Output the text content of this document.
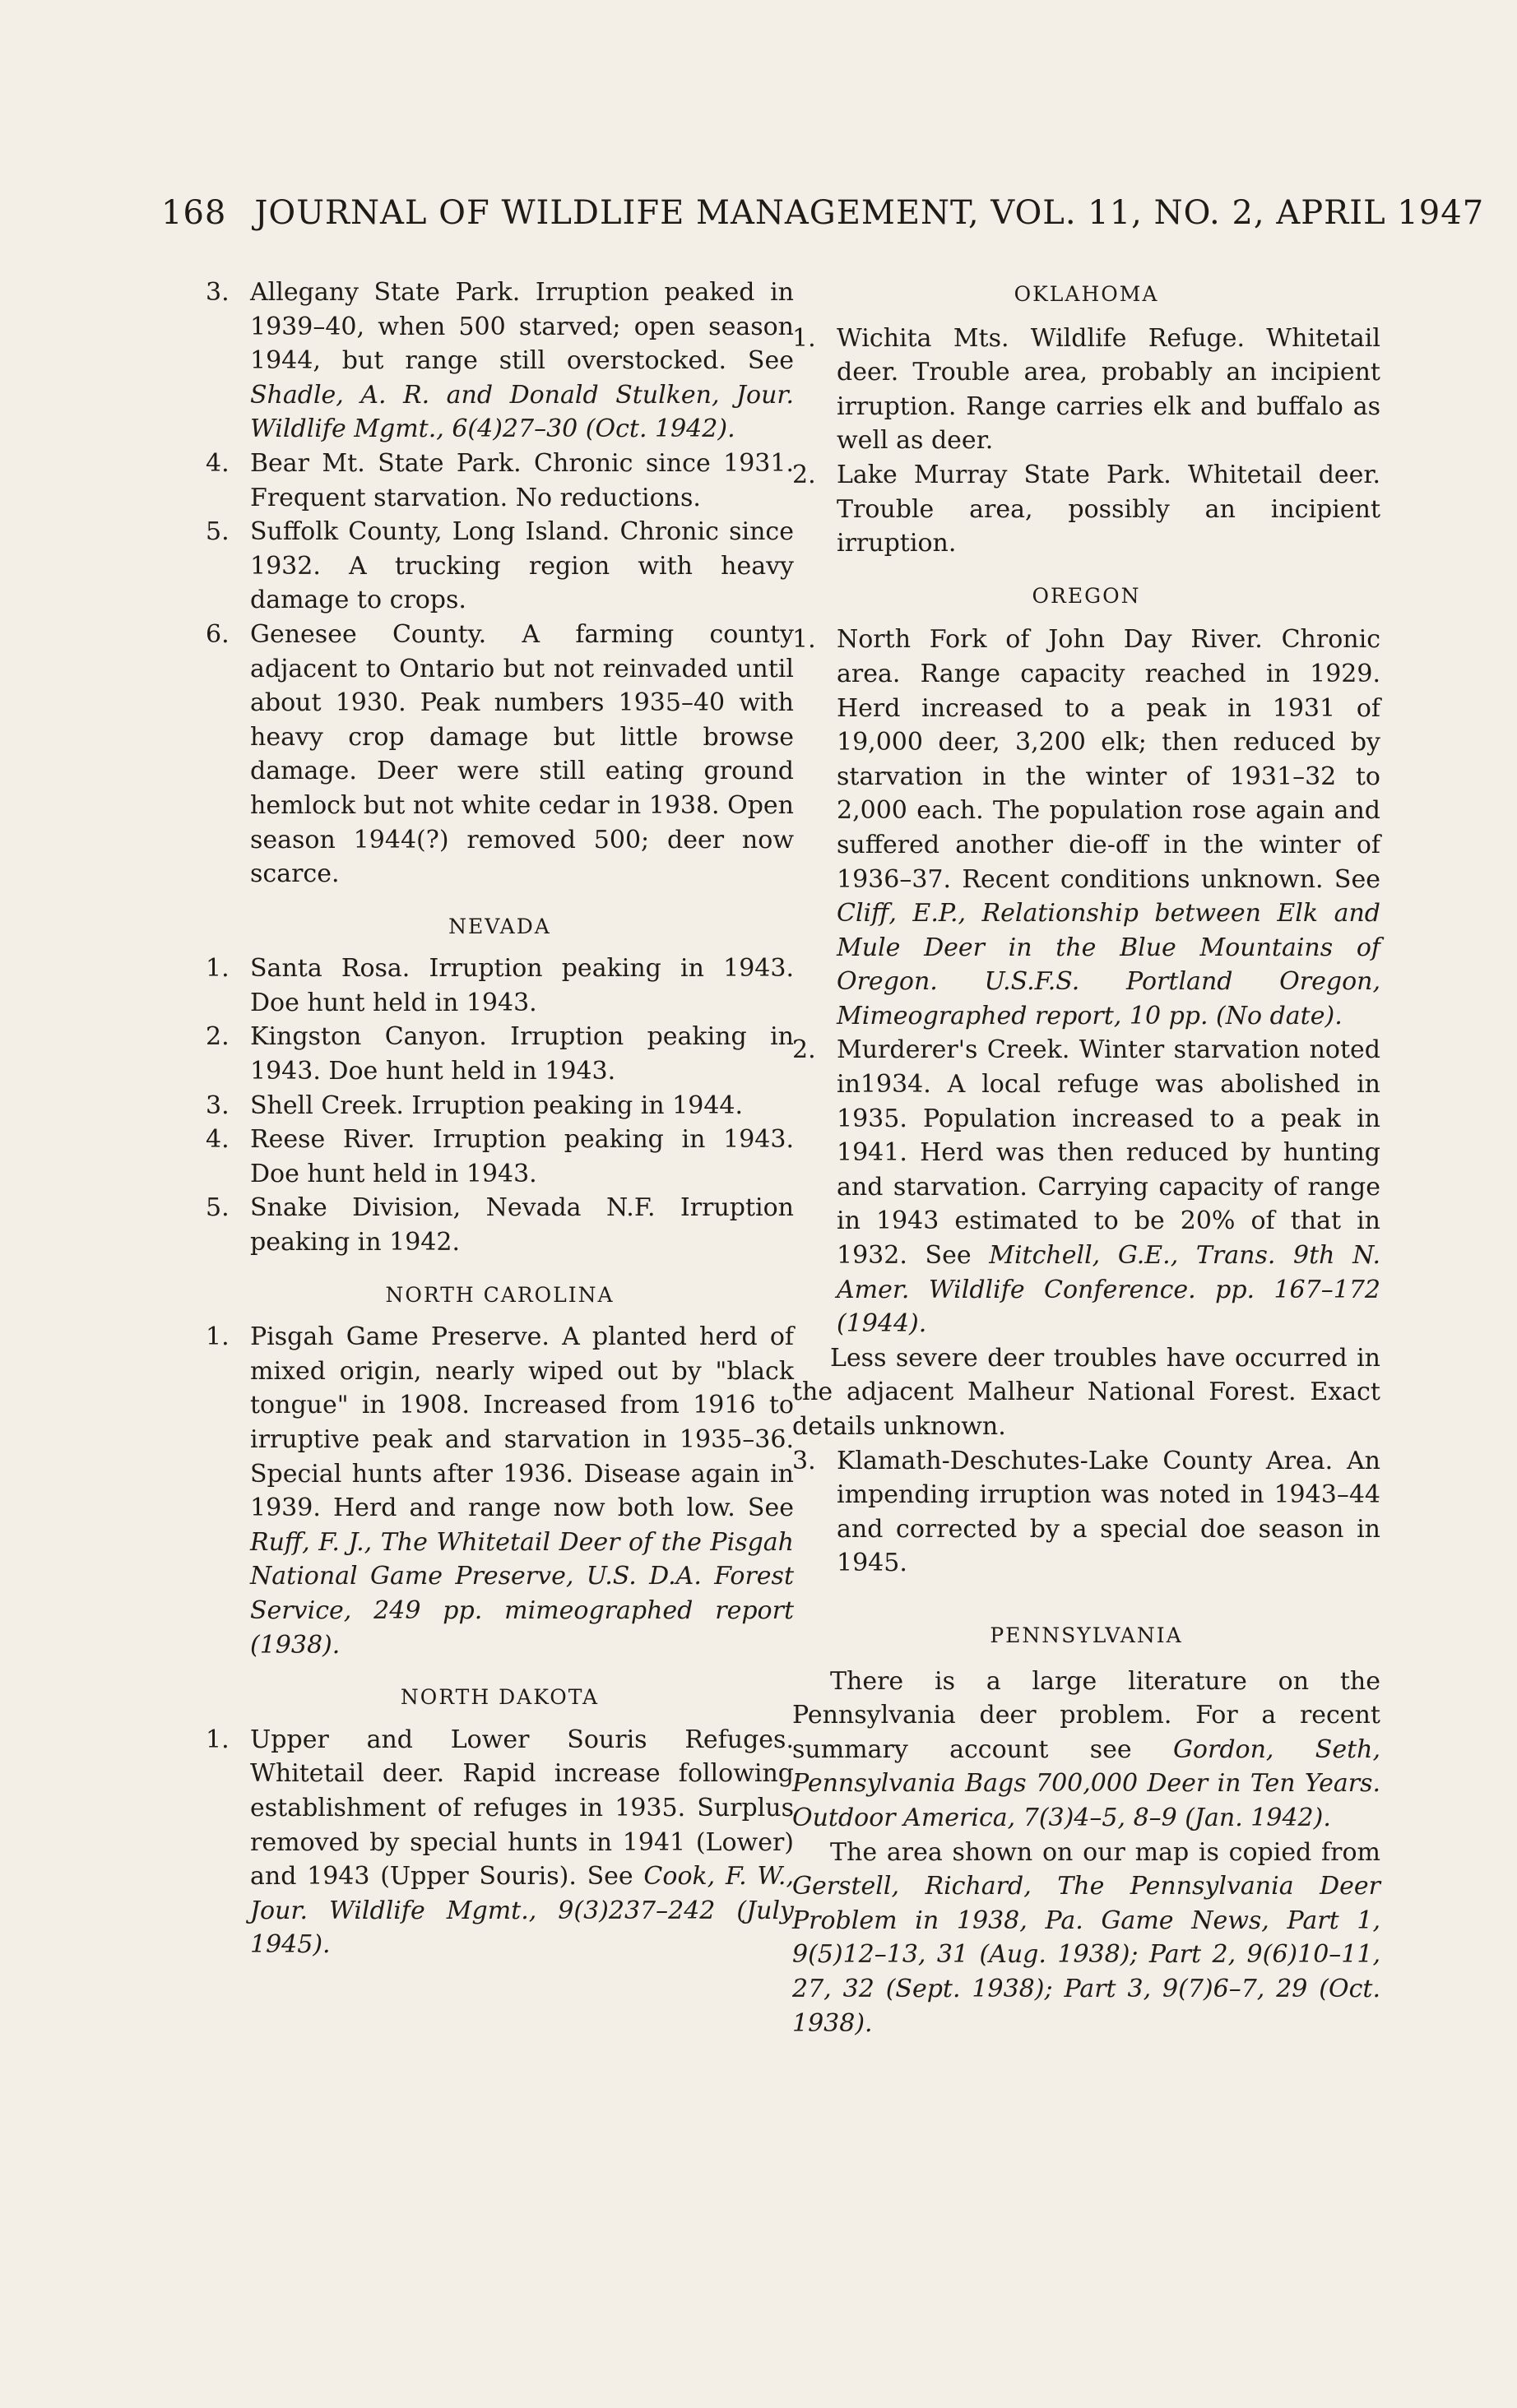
168 JOURNAL OF WILDLIFE MANAGEMENT, VOL. 11, NO. 2, APRIL 1947
3. Allegany State Park. Irruption peaked in 1939–40, when 500 starved; open season 1944, but range still overstocked. See Shadle, A. R. and Donald Stulken, Jour. Wildlife Mgmt., 6(4)27–30 (Oct. 1942).
4. Bear Mt. State Park. Chronic since 1931. Frequent starvation. No reductions.
5. Suffolk County, Long Island. Chronic since 1932. A trucking region with heavy damage to crops.
6. Genesee County. A farming county adjacent to Ontario but not reinvaded until about 1930. Peak numbers 1935–40 with heavy crop damage but little browse damage. Deer were still eating ground hemlock but not white cedar in 1938. Open season 1944(?) removed 500; deer now scarce.
NEVADA
1. Santa Rosa. Irruption peaking in 1943. Doe hunt held in 1943.
2. Kingston Canyon. Irruption peaking in 1943. Doe hunt held in 1943.
3. Shell Creek. Irruption peaking in 1944.
4. Reese River. Irruption peaking in 1943. Doe hunt held in 1943.
5. Snake Division, Nevada N.F. Irruption peaking in 1942.
NORTH CAROLINA
1. Pisgah Game Preserve. A planted herd of mixed origin, nearly wiped out by "black tongue" in 1908. Increased from 1916 to irruptive peak and starvation in 1935–36. Special hunts after 1936. Disease again in 1939. Herd and range now both low. See Ruff, F. J., The Whitetail Deer of the Pisgah National Game Preserve, U.S. D.A. Forest Service, 249 pp. mimeographed report (1938).
NORTH DAKOTA
1. Upper and Lower Souris Refuges. Whitetail deer. Rapid increase following establishment of refuges in 1935. Surplus removed by special hunts in 1941 (Lower) and 1943 (Upper Souris). See Cook, F. W., Jour. Wildlife Mgmt., 9(3)237–242 (July 1945).
OKLAHOMA
1. Wichita Mts. Wildlife Refuge. Whitetail deer. Trouble area, probably an incipient irruption. Range carries elk and buffalo as well as deer.
2. Lake Murray State Park. Whitetail deer. Trouble area, possibly an incipient irruption.
OREGON
1. North Fork of John Day River. Chronic area. Range capacity reached in 1929. Herd increased to a peak in 1931 of 19,000 deer, 3,200 elk; then reduced by starvation in the winter of 1931–32 to 2,000 each. The population rose again and suffered another die-off in the winter of 1936–37. Recent conditions unknown. See Cliff, E.P., Relationship between Elk and Mule Deer in the Blue Mountains of Oregon. U.S.F.S. Portland Oregon, Mimeographed report, 10 pp. (No date).
2. Murderer's Creek. Winter starvation noted in1934. A local refuge was abolished in 1935. Population increased to a peak in 1941. Herd was then reduced by hunting and starvation. Carrying capacity of range in 1943 estimated to be 20% of that in 1932. See Mitchell, G.E., Trans. 9th N. Amer. Wildlife Conference. pp. 167–172 (1944).
Less severe deer troubles have occurred in the adjacent Malheur National Forest. Exact details unknown.
3. Klamath-Deschutes-Lake County Area. An impending irruption was noted in 1943–44 and corrected by a special doe season in 1945.
PENNSYLVANIA
There is a large literature on the Pennsylvania deer problem. For a recent summary account see Gordon, Seth, Pennsylvania Bags 700,000 Deer in Ten Years. Outdoor America, 7(3)4–5, 8–9 (Jan. 1942).
The area shown on our map is copied from Gerstell, Richard, The Pennsylvania Deer Problem in 1938, Pa. Game News, Part 1, 9(5)12–13, 31 (Aug. 1938); Part 2, 9(6)10–11, 27, 32 (Sept. 1938); Part 3, 9(7)6–7, 29 (Oct. 1938).
